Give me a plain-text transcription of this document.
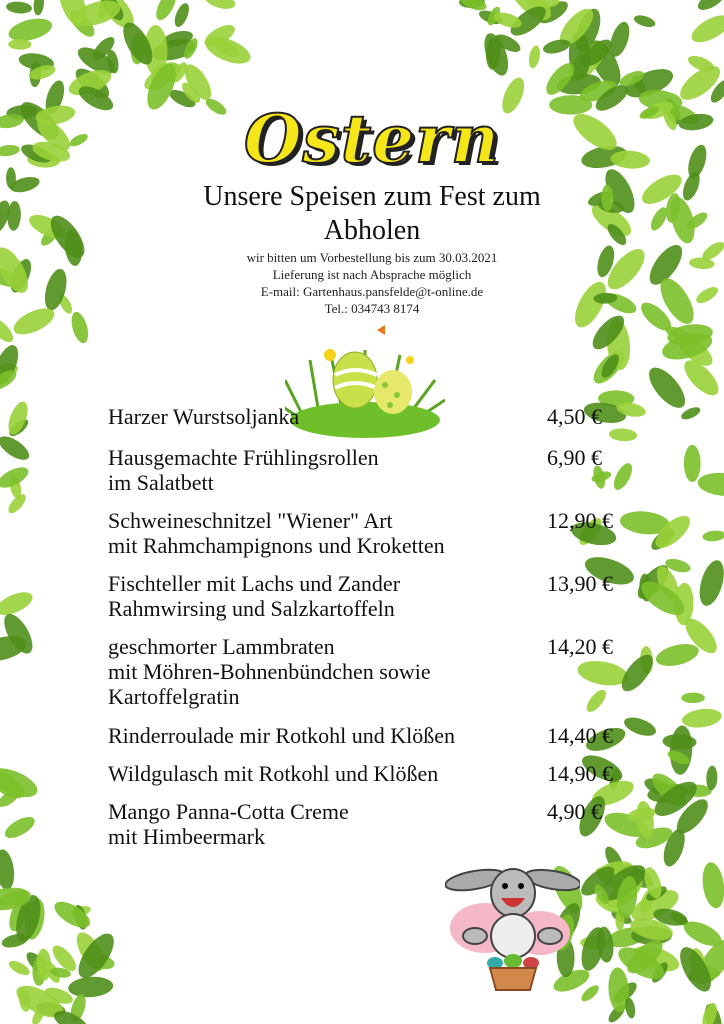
Ostern
Unsere Speisen zum Fest zum Abholen
wir bitten um Vorbestellung bis zum 30.03.2021
Lieferung ist nach Absprache möglich
E-mail: Gartenhaus.pansfelde@t-online.de
Tel.: 034743 8174
Harzer Wurstsoljanka	4,50 €
Hausgemachte Frühlingsrollen
im Salatbett
6,90 €
Schweineschnitzel "Wiener" Art
mit Rahmchampignons und Kroketten
12,90 €
Fischteller mit Lachs und Zander
Rahmwirsing und Salzkartoffeln
13,90 €
geschmorter Lammbraten
mit Möhren-Bohnenbündchen sowie
Kartoffelgratin
14,20 €
Rinderroulade mir Rotkohl und Klößen	14,40 €
Wildgulasch mit Rotkohl und Klößen	14,90 €
Mango Panna-Cotta Creme
mit Himbeermark
4,90 €
